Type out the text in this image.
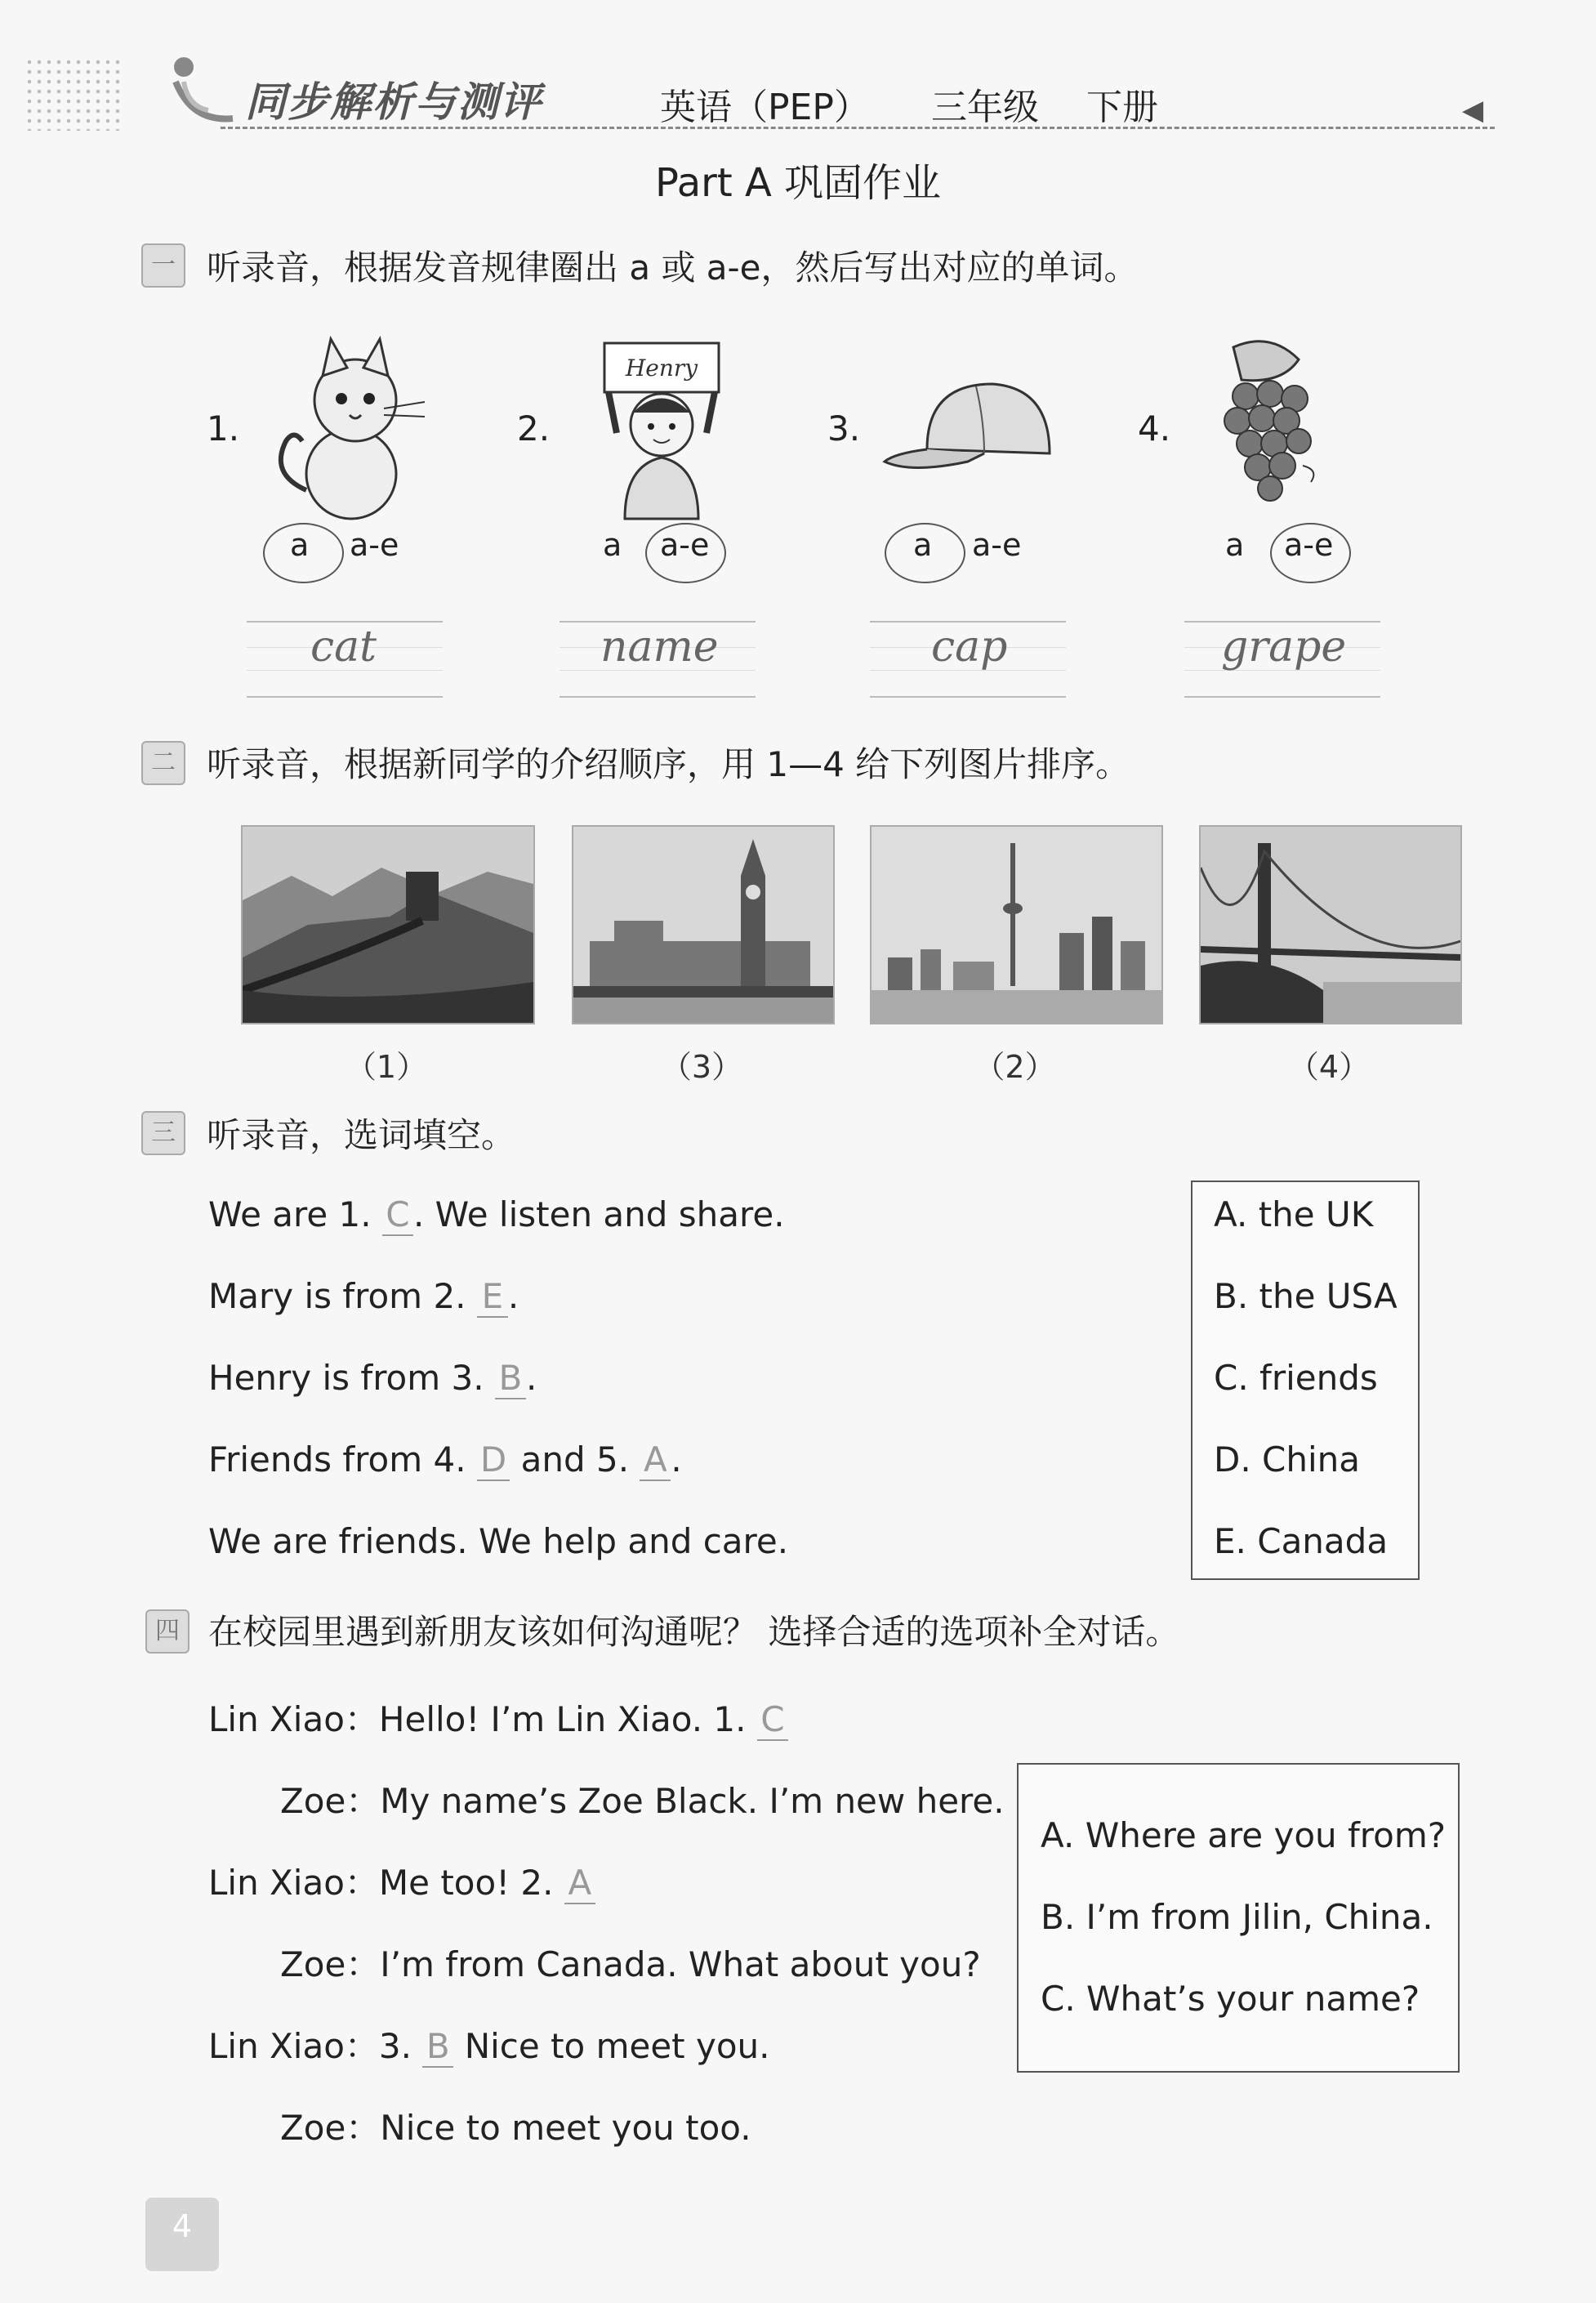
同步解析与测评	英语（PEP） 三年级 下册	◀
Part A 巩固作业
一 听录音，根据发音规律圈出 a 或 a-e，然后写出对应的单词。
1.
a a-e
cat
2.
Henry
a a-e
name
3.
a a-e
cap
4.
a a-e
grape
二 听录音，根据新同学的介绍顺序，用 1—4 给下列图片排序。
（1）	（3）	（2）	（4）
三 听录音，选词填空。
We are 1. C . We listen and share.
Mary is from 2. E .
Henry is from 3. B .
Friends from 4. D and 5. A .
We are friends. We help and care.
A. the UK
B. the USA
C. friends
D. China
E. Canada
四 在校园里遇到新朋友该如何沟通呢？ 选择合适的选项补全对话。
Lin Xiao：Hello! I’m Lin Xiao. 1. C
Zoe：My name’s Zoe Black. I’m new here.
Lin Xiao：Me too! 2. A
Zoe：I’m from Canada. What about you?
Lin Xiao：3. B Nice to meet you.
Zoe：Nice to meet you too.
A. Where are you from?
B. I’m from Jilin, China.
C. What’s your name?
4
